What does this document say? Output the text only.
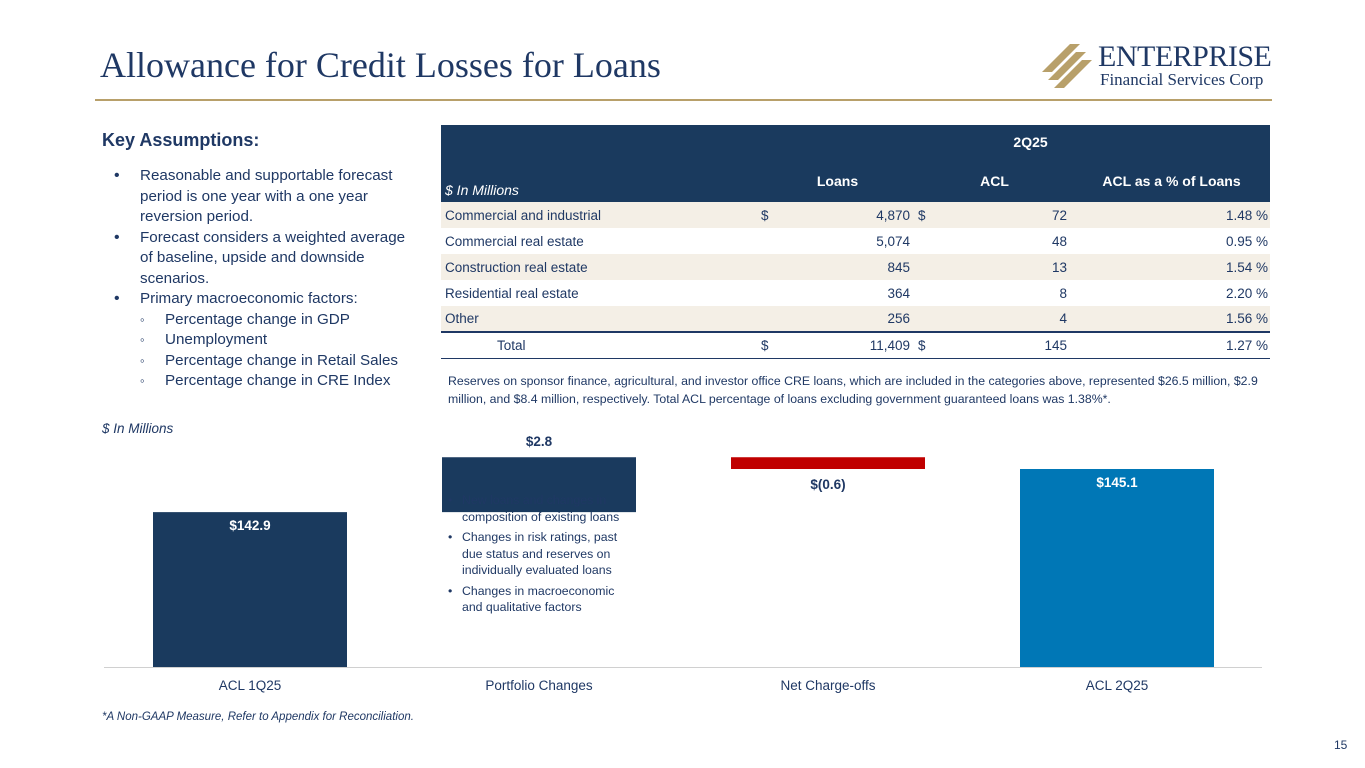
Allowance for Credit Losses for Loans	ENTERPRISE
Financial Services Corp
Key Assumptions:
• Reasonable and supportable forecast period is one year with a one year reversion period.
• Forecast considers a weighted average of baseline, upside and downside scenarios.
• Primary macroeconomic factors:
◦ Percentage change in GDP
◦ Unemployment
◦ Percentage change in Retail Sales
◦ Percentage change in CRE Index
2Q25					
$ In Millions	Loans		ACL		ACL as a % of Loans
Commercial and industrial	$	4,870	$	72	1.48 %
Commercial real estate		5,074		48	0.95 %
Construction real estate		845		13	1.54 %
Residential real estate		364		8	2.20 %
Other		256		4	1.56 %
Total	$	11,409	$	145	1.27 %
Reserves on sponsor finance, agricultural, and investor office CRE loans, which are included in the categories above, represented $26.5 million, $2.9 million, and $8.4 million, respectively. Total ACL percentage of loans excluding government guaranteed loans was 1.38%*.
$ In Millions
$142.9
ACL 1Q25
$2.8
Portfolio Changes
$(0.6)
Net Charge-offs
$145.1
ACL 2Q25
• New loans and changes in composition of existing loans
• Changes in risk ratings, past due status and reserves on individually evaluated loans
• Changes in macroeconomic and qualitative factors
*A Non-GAAP Measure, Refer to Appendix for Reconciliation.
15
